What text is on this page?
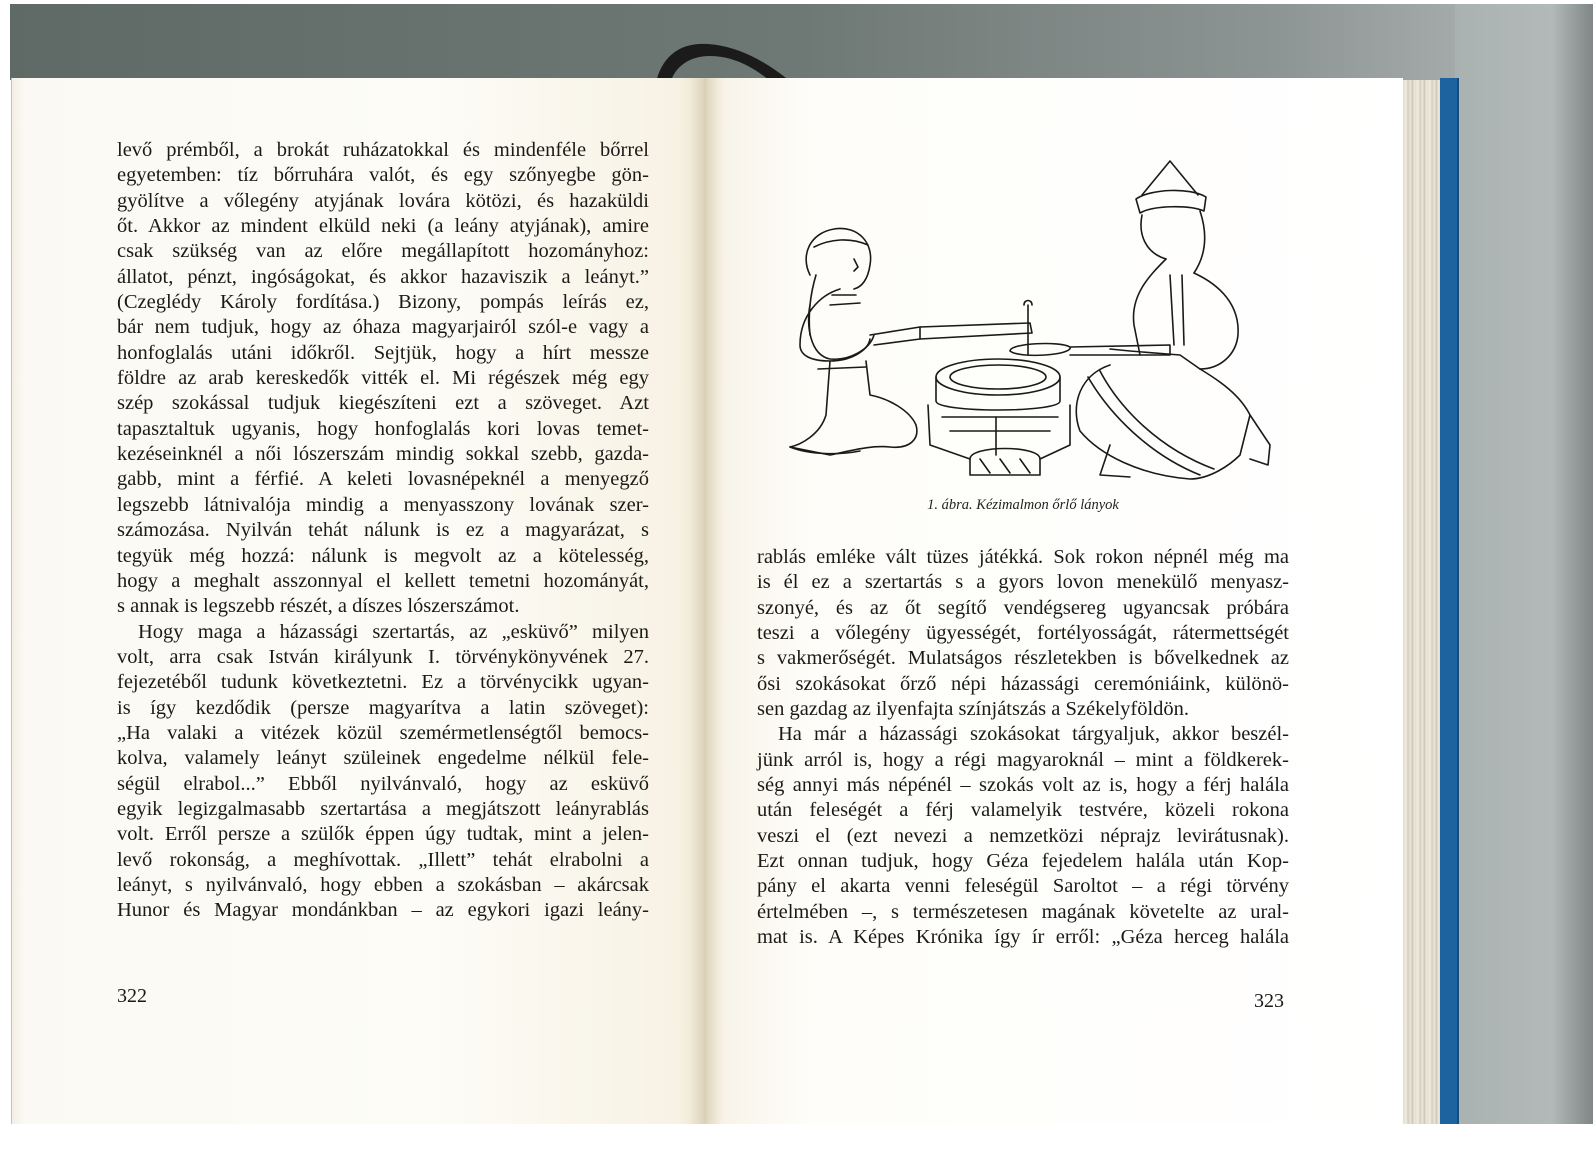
levő prémből, a brokát ruházatokkal és mindenféle bőrrel
egyetemben: tíz bőrruhára valót, és egy szőnyegbe gön-
gyölítve a vőlegény atyjának lovára kötözi, és hazaküldi
őt. Akkor az mindent elküld neki (a leány atyjának), amire
csak szükség van az előre megállapított hozományhoz:
állatot, pénzt, ingóságokat, és akkor hazaviszik a leányt.”
(Czeglédy Károly fordítása.) Bizony, pompás leírás ez,
bár nem tudjuk, hogy az óhaza magyarjairól szól-e vagy a
honfoglalás utáni időkről. Sejtjük, hogy a hírt messze
földre az arab kereskedők vitték el. Mi régészek még egy
szép szokással tudjuk kiegészíteni ezt a szöveget. Azt
tapasztaltuk ugyanis, hogy honfoglalás kori lovas temet-
kezéseinknél a női lószerszám mindig sokkal szebb, gazda-
gabb, mint a férfié. A keleti lovasnépeknél a menyegző
legszebb látnivalója mindig a menyasszony lovának szer-
számozása. Nyilván tehát nálunk is ez a magyarázat, s
tegyük még hozzá: nálunk is megvolt az a kötelesség,
hogy a meghalt asszonnyal el kellett temetni hozományát,
s annak is legszebb részét, a díszes lószerszámot.
Hogy maga a házassági szertartás, az „esküvő” milyen
volt, arra csak István királyunk I. törvénykönyvének 27.
fejezetéből tudunk következtetni. Ez a törvénycikk ugyan-
is így kezdődik (persze magyarítva a latin szöveget):
„Ha valaki a vitézek közül szemérmetlenségtől bemocs-
kolva, valamely leányt szüleinek engedelme nélkül fele-
ségül elrabol...” Ebből nyilvánvaló, hogy az esküvő
egyik legizgalmasabb szertartása a megjátszott leányrablás
volt. Erről persze a szülők éppen úgy tudtak, mint a jelen-
levő rokonság, a meghívottak. „Illett” tehát elrabolni a
leányt, s nyilvánvaló, hogy ebben a szokásban – akárcsak
Hunor és Magyar mondánkban – az egykori igazi leány-
322
1. ábra. Kézimalmon őrlő lányok
rablás emléke vált tüzes játékká. Sok rokon népnél még ma
is él ez a szertartás s a gyors lovon menekülő menyasz-
szonyé, és az őt segítő vendégsereg ugyancsak próbára
teszi a vőlegény ügyességét, fortélyosságát, rátermettségét
s vakmerőségét. Mulatságos részletekben is bővelkednek az
ősi szokásokat őrző népi házassági ceremóniáink, különö-
sen gazdag az ilyenfajta színjátszás a Székelyföldön.
Ha már a házassági szokásokat tárgyaljuk, akkor beszél-
jünk arról is, hogy a régi magyaroknál – mint a földkerek-
ség annyi más népénél – szokás volt az is, hogy a férj halála
után feleségét a férj valamelyik testvére, közeli rokona
veszi el (ezt nevezi a nemzetközi néprajz levirátusnak).
Ezt onnan tudjuk, hogy Géza fejedelem halála után Kop-
pány el akarta venni feleségül Saroltot – a régi törvény
értelmében –, s természetesen magának követelte az ural-
mat is. A Képes Krónika így ír erről: „Géza herceg halála
323
